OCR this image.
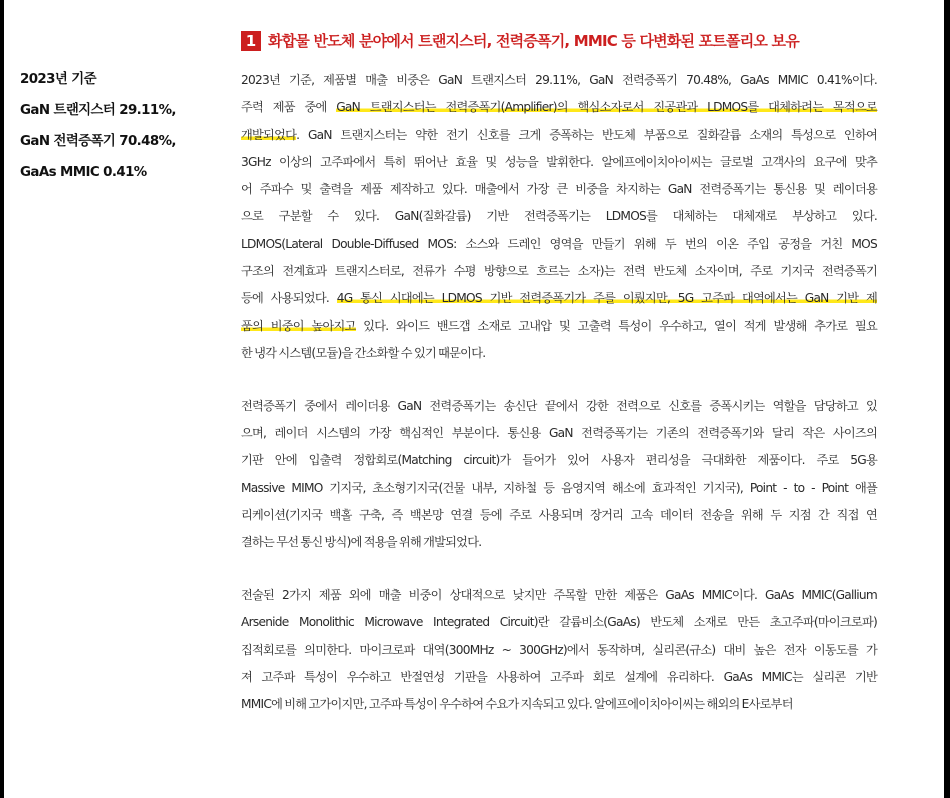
1 화합물 반도체 분야에서 트랜지스터, 전력증폭기, MMIC 등 다변화된 포트폴리오 보유
2023년 기준
GaN 트랜지스터 29.11%,
GaN 전력증폭기 70.48%,
GaAs MMIC 0.41%
2023년 기준, 제품별 매출 비중은 GaN 트랜지스터 29.11%, GaN 전력증폭기 70.48%, GaAs MMIC 0.41%이다.
주력 제품 중에 GaN 트랜지스터는 전력증폭기(Amplifier)의 핵심소자로서 진공관과 LDMOS를 대체하려는 목적으로
개발되었다. GaN 트랜지스터는 약한 전기 신호를 크게 증폭하는 반도체 부품으로 질화갈륨 소재의 특성으로 인하여
3GHz 이상의 고주파에서 특히 뛰어난 효율 및 성능을 발휘한다. 알에프에이치아이씨는 글로벌 고객사의 요구에 맞추
어 주파수 및 출력을 제품 제작하고 있다. 매출에서 가장 큰 비중을 차지하는 GaN 전력증폭기는 통신용 및 레이더용
으로 구분할 수 있다. GaN(질화갈륨) 기반 전력증폭기는 LDMOS를 대체하는 대체재로 부상하고 있다.
LDMOS(Lateral Double-Diffused MOS: 소스와 드레인 영역을 만들기 위해 두 번의 이온 주입 공정을 거친 MOS
구조의 전계효과 트랜지스터로, 전류가 수평 방향으로 흐르는 소자)는 전력 반도체 소자이며, 주로 기지국 전력증폭기
등에 사용되었다. 4G 통신 시대에는 LDMOS 기반 전력증폭기가 주를 이뤘지만, 5G 고주파 대역에서는 GaN 기반 제
품의 비중이 높아지고 있다. 와이드 밴드갭 소재로 고내압 및 고출력 특성이 우수하고, 열이 적게 발생해 추가로 필요
한 냉각 시스템(모듈)을 간소화할 수 있기 때문이다.
전력증폭기 중에서 레이더용 GaN 전력증폭기는 송신단 끝에서 강한 전력으로 신호를 증폭시키는 역할을 담당하고 있
으며, 레이더 시스템의 가장 핵심적인 부분이다. 통신용 GaN 전력증폭기는 기존의 전력증폭기와 달리 작은 사이즈의
기판 안에 입출력 정합회로(Matching circuit)가 들어가 있어 사용자 편리성을 극대화한 제품이다. 주로 5G용
Massive MIMO 기지국, 초소형기지국(건물 내부, 지하철 등 음영지역 해소에 효과적인 기지국), Point - to - Point 애플
리케이션(기지국 백홀 구축, 즉 백본망 연결 등에 주로 사용되며 장거리 고속 데이터 전송을 위해 두 지점 간 직접 연
결하는 무선 통신 방식)에 적용을 위해 개발되었다.
전술된 2가지 제품 외에 매출 비중이 상대적으로 낮지만 주목할 만한 제품은 GaAs MMIC이다. GaAs MMIC(Gallium
Arsenide Monolithic Microwave Integrated Circuit)란 갈륨비소(GaAs) 반도체 소재로 만든 초고주파(마이크로파)
집적회로를 의미한다. 마이크로파 대역(300MHz ~ 300GHz)에서 동작하며, 실리콘(규소) 대비 높은 전자 이동도를 가
져 고주파 특성이 우수하고 반절연성 기판을 사용하여 고주파 회로 설계에 유리하다. GaAs MMIC는 실리콘 기반
MMIC에 비해 고가이지만, 고주파 특성이 우수하여 수요가 지속되고 있다. 알에프에이치아이씨는 해외의 E사로부터
